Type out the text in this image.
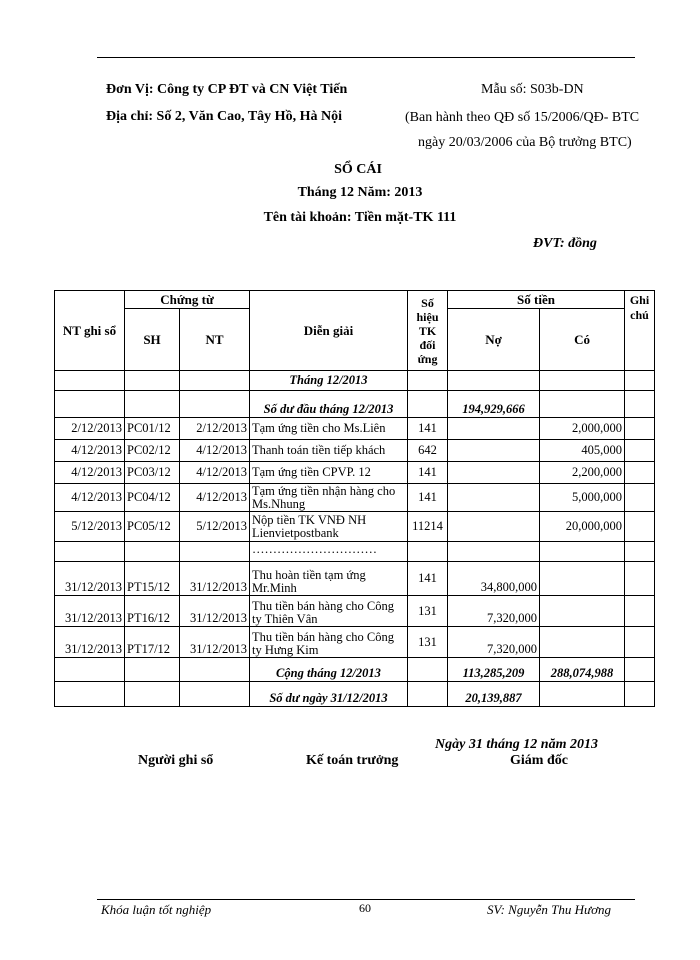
Đơn Vị: Công ty CP ĐT và CN Việt Tiến
Địa chỉ: Số 2, Văn Cao, Tây Hồ, Hà Nội
Mẫu số: S03b-DN
(Ban hành theo QĐ số 15/2006/QĐ- BTC
ngày 20/03/2006 của Bộ trưởng BTC)
SỔ CÁI
Tháng 12 Năm: 2013
Tên tài khoản: Tiền mặt-TK 111
ĐVT: đồng
NT ghi sổ	Chứng từ		Diễn giải	Số hiệu TK đối ứng	Số tiền		Ghi chú
	SH	NT			Nợ	Có	
			Tháng 12/2013				
			Số dư đầu tháng 12/2013		194,929,666		
2/12/2013	PC01/12	2/12/2013	Tạm ứng tiền cho Ms.Liên	141		2,000,000	
4/12/2013	PC02/12	4/12/2013	Thanh toán tiền tiếp khách	642		405,000	
4/12/2013	PC03/12	4/12/2013	Tạm ứng tiền CPVP. 12	141		2,200,000	
4/12/2013	PC04/12	4/12/2013	Tạm ứng tiền nhận hàng cho Ms.Nhung	141		5,000,000	
5/12/2013	PC05/12	5/12/2013	Nộp tiền TK VNĐ NH Lienvietpostbank	11214		20,000,000	
			…………………………				
31/12/2013	PT15/12	31/12/2013	Thu hoàn tiền tạm ứng Mr.Minh	141	34,800,000		
31/12/2013	PT16/12	31/12/2013	Thu tiền bán hàng cho Công ty Thiên Vân	131	7,320,000		
31/12/2013	PT17/12	31/12/2013	Thu tiền bán hàng cho Công ty Hưng Kim	131	7,320,000		
			Cộng tháng 12/2013		113,285,209	288,074,988	
			Số dư ngày 31/12/2013		20,139,887		
Ngày 31 tháng 12 năm 2013
Người ghi sổ	Kế toán trưởng	Giám đốc
Khóa luận tốt nghiệp	60	SV: Nguyễn Thu Hương
